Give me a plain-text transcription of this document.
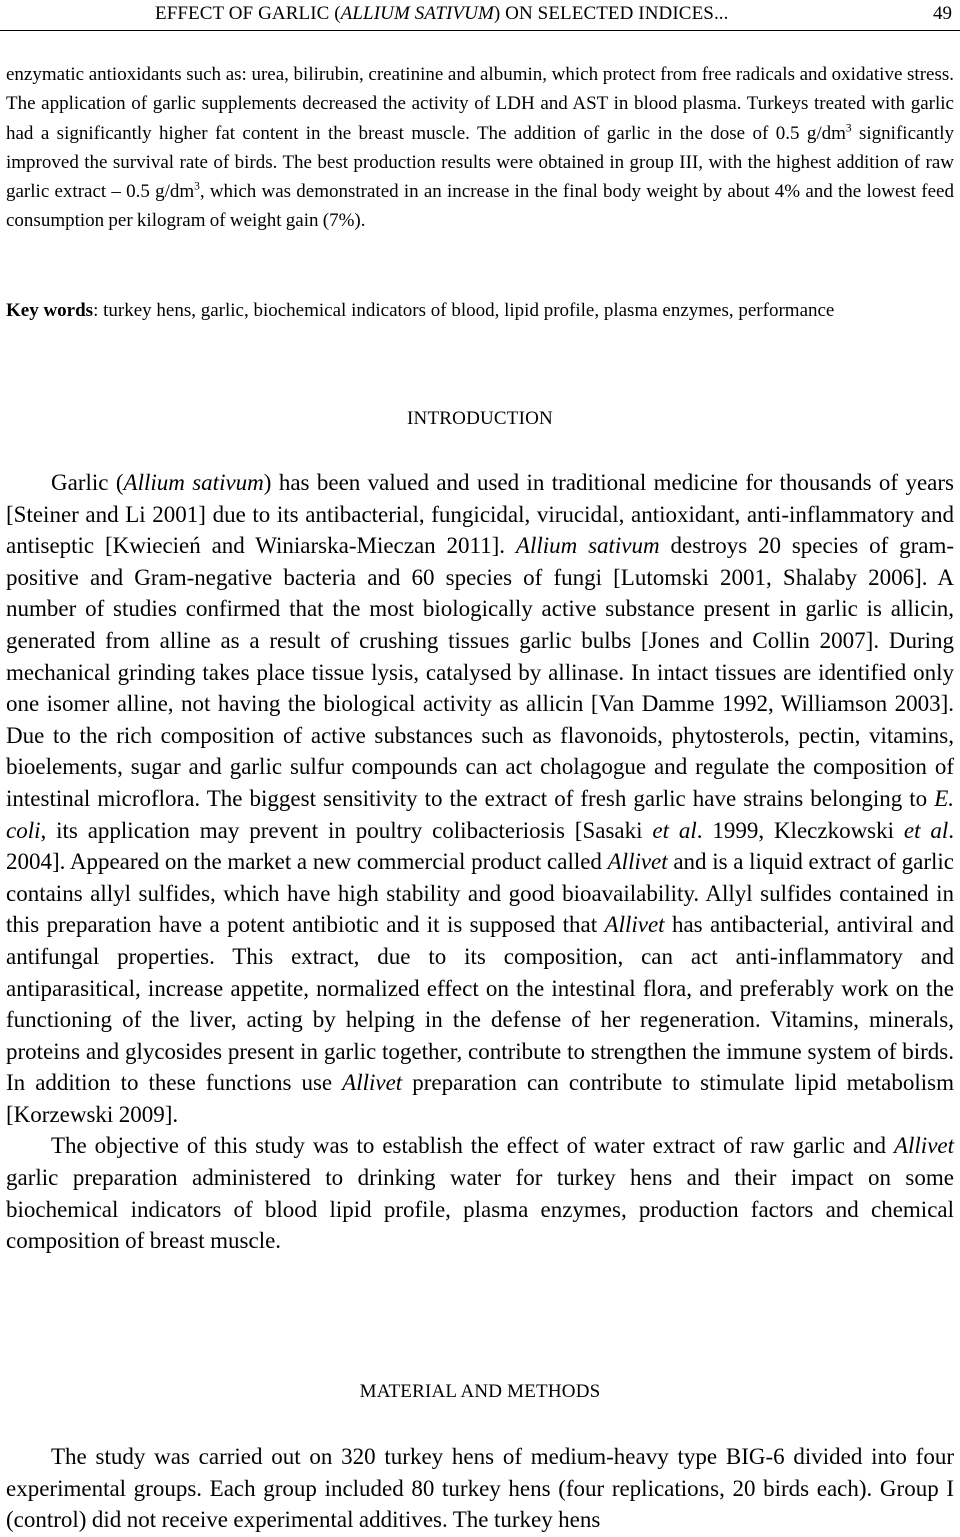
EFFECT OF GARLIC (ALLIUM SATIVUM) ON SELECTED INDICES...	49

enzymatic antioxidants such as: urea, bilirubin, creatinine and albumin, which protect from free radicals and oxidative stress. The application of garlic supplements decreased the activity of LDH and AST in blood plasma. Turkeys treated with garlic had a significantly higher fat content in the breast muscle. The addition of garlic in the dose of 0.5 $g/dm^3$ significantly improved the survival rate of birds. The best production results were obtained in group III, with the highest addition of raw garlic extract – 0.5 $g/dm^3$, which was demonstrated in an increase in the final body weight by about 4% and the lowest feed consumption per kilogram of weight gain (7%).

Key words: turkey hens, garlic, biochemical indicators of blood, lipid profile, plasma enzymes, performance

INTRODUCTION

Garlic (Allium sativum) has been valued and used in traditional medicine for thousands of years [Steiner and Li 2001] due to its antibacterial, fungicidal, virucidal, antioxidant, anti-inflammatory and antiseptic [Kwiecień and Winiarska-Mieczan 2011]. Allium sativum destroys 20 species of gram-positive and Gram-negative bacteria and 60 species of fungi [Lutomski 2001, Shalaby 2006]. A number of studies confirmed that the most biologically active substance present in garlic is allicin, generated from alline as a result of crushing tissues garlic bulbs [Jones and Collin 2007]. During mechanical grinding takes place tissue lysis, catalysed by allinase. In intact tissues are identified only one isomer alline, not having the biological activity as allicin [Van Damme 1992, Williamson 2003]. Due to the rich composition of active substances such as flavonoids, phytosterols, pectin, vitamins, bioelements, sugar and garlic sulfur compounds can act cholagogue and regulate the composition of intestinal microflora. The biggest sensitivity to the extract of fresh garlic have strains belonging to E. coli, its application may prevent in poultry colibacteriosis [Sasaki et al. 1999, Kleczkowski et al. 2004]. Appeared on the market a new commercial product called Allivet and is a liquid extract of garlic contains allyl sulfides, which have high stability and good bioavailability. Allyl sulfides contained in this preparation have a potent antibiotic and it is supposed that Allivet has antibacterial, antiviral and antifungal properties. This extract, due to its composition, can act anti-inflammatory and antiparasitical, increase appetite, normalized effect on the intestinal flora, and preferably work on the functioning of the liver, acting by helping in the defense of her regeneration. Vitamins, minerals, proteins and glycosides present in garlic together, contribute to strengthen the immune system of birds. In addition to these functions use Allivet preparation can contribute to stimulate lipid metabolism [Korzewski 2009].

The objective of this study was to establish the effect of water extract of raw garlic and Allivet garlic preparation administered to drinking water for turkey hens and their impact on some biochemical indicators of blood lipid profile, plasma enzymes, production factors and chemical composition of breast muscle.

MATERIAL AND METHODS

The study was carried out on 320 turkey hens of medium-heavy type BIG-6 divided into four experimental groups. Each group included 80 turkey hens (four replications, 20 birds each). Group I (control) did not receive experimental additives. The turkey hens
